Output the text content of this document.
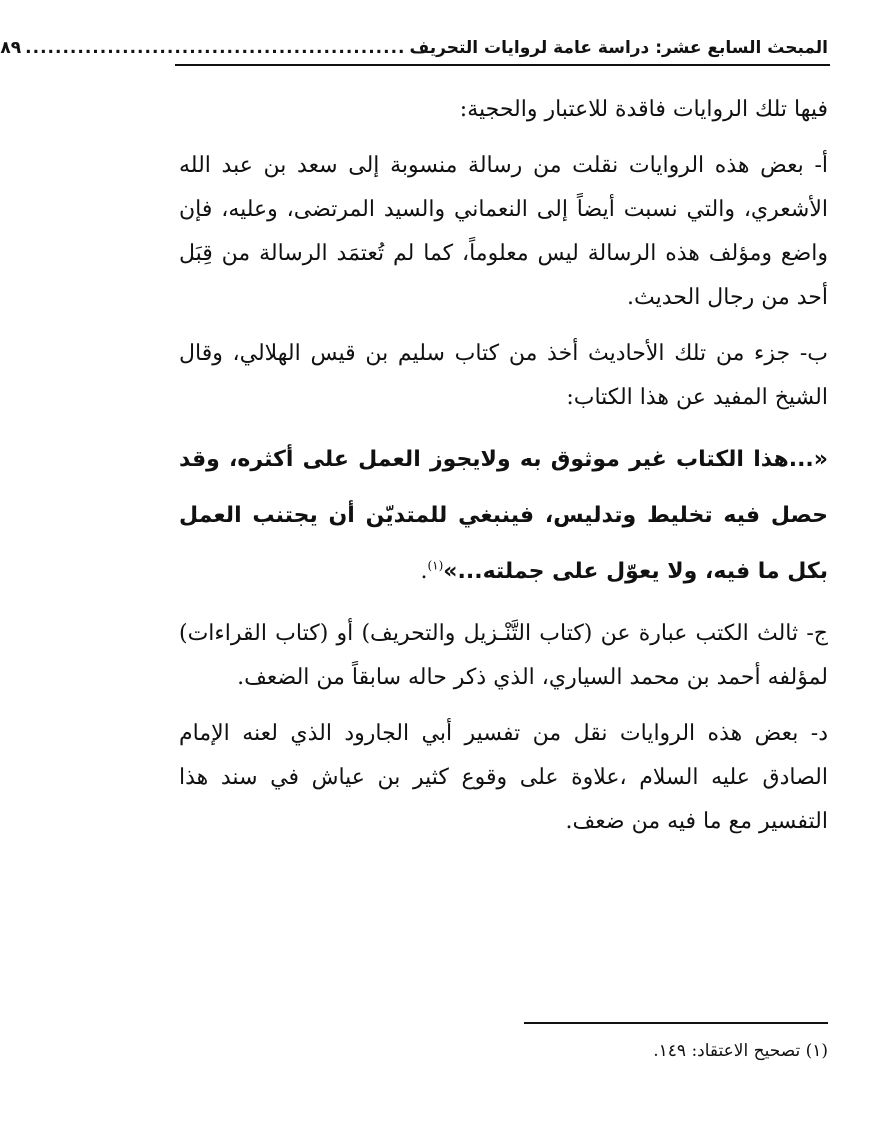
المبحث السابع عشر: دراسة عامة لروايات التحريف
...................................................
٨٩

فيها تلك الروايات فاقدة للاعتبار والحجية:

أ- بعض هذه الروايات نقلت من رسالة منسوبة إلى سعد بن عبد الله الأشعري، والتي نسبت أيضاً إلى النعماني والسيد المرتضى، وعليه، فإن واضع ومؤلف هذه الرسالة ليس معلوماً، كما لم تُعتمَد الرسالة من قِبَل أحد من رجال الحديث.

ب- جزء من تلك الأحاديث أخذ من كتاب سليم بن قيس الهلالي، وقال الشيخ المفيد عن هذا الكتاب:

«...هذا الكتاب غير موثوق به ولايجوز العمل على أكثره، وقد حصل فيه تخليط وتدليس، فينبغي للمتديّن أن يجتنب العمل بكل ما فيه، ولا يعوّل على جملته...»$^{(١)}$.

ج- ثالث الكتب عبارة عن (كتاب التَّنْـزيل والتحريف) أو (كتاب القراءات) لمؤلفه أحمد بن محمد السياري، الذي ذكر حاله سابقاً من الضعف.

د- بعض هذه الروايات نقل من تفسير أبي الجارود الذي لعنه الإمام الصادق عليه السلام ،علاوة على وقوع كثير بن عياش في سند هذا التفسير مع ما فيه من ضعف.

(١) تصحيح الاعتقاد: ١٤٩.
